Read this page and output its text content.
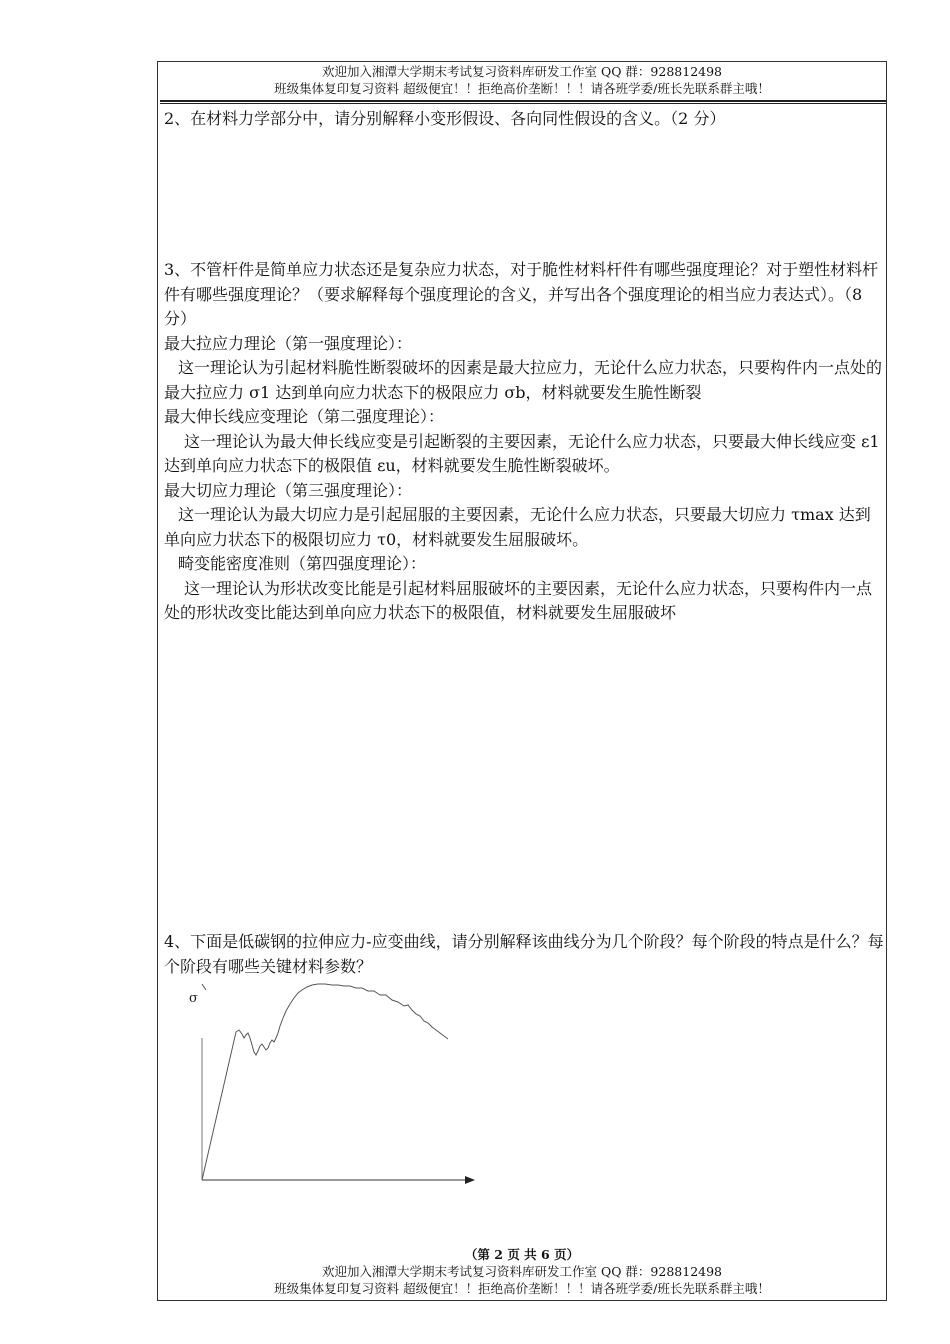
欢迎加入湘潭大学期末考试复习资料库研发工作室 QQ 群：928812498
班级集体复印复习资料 超级便宜！！拒绝高价垄断！！！请各班学委/班长先联系群主哦！

2、在材料力学部分中，请分别解释小变形假设、各向同性假设的含义。（2 分）

3、不管杆件是简单应力状态还是复杂应力状态，对于脆性材料杆件有哪些强度理论？对于塑性材料杆件有哪些强度理论？（要求解释每个强度理论的含义，并写出各个强度理论的相当应力表达式）。（8 分）

最大拉应力理论（第一强度理论）：

这一理论认为引起材料脆性断裂破坏的因素是最大拉应力，无论什么应力状态，只要构件内一点处的最大拉应力 σ1 达到单向应力状态下的极限应力 σb，材料就要发生脆性断裂

最大伸长线应变理论（第二强度理论）：

这一理论认为最大伸长线应变是引起断裂的主要因素，无论什么应力状态，只要最大伸长线应变 ε1 达到单向应力状态下的极限值 εu，材料就要发生脆性断裂破坏。

最大切应力理论（第三强度理论）：

这一理论认为最大切应力是引起屈服的主要因素，无论什么应力状态，只要最大切应力 τmax 达到单向应力状态下的极限切应力 τ0，材料就要发生屈服破坏。

畸变能密度准则（第四强度理论）：

这一理论认为形状改变比能是引起材料屈服破坏的主要因素，无论什么应力状态，只要构件内一点处的形状改变比能达到单向应力状态下的极限值，材料就要发生屈服破坏

4、下面是低碳钢的拉伸应力-应变曲线，请分别解释该曲线分为几个阶段？每个阶段的特点是什么？每个阶段有哪些关键材料参数？

σ
（第 2 页 共 6 页）
欢迎加入湘潭大学期末考试复习资料库研发工作室 QQ 群：928812498
班级集体复印复习资料 超级便宜！！拒绝高价垄断！！！请各班学委/班长先联系群主哦！
